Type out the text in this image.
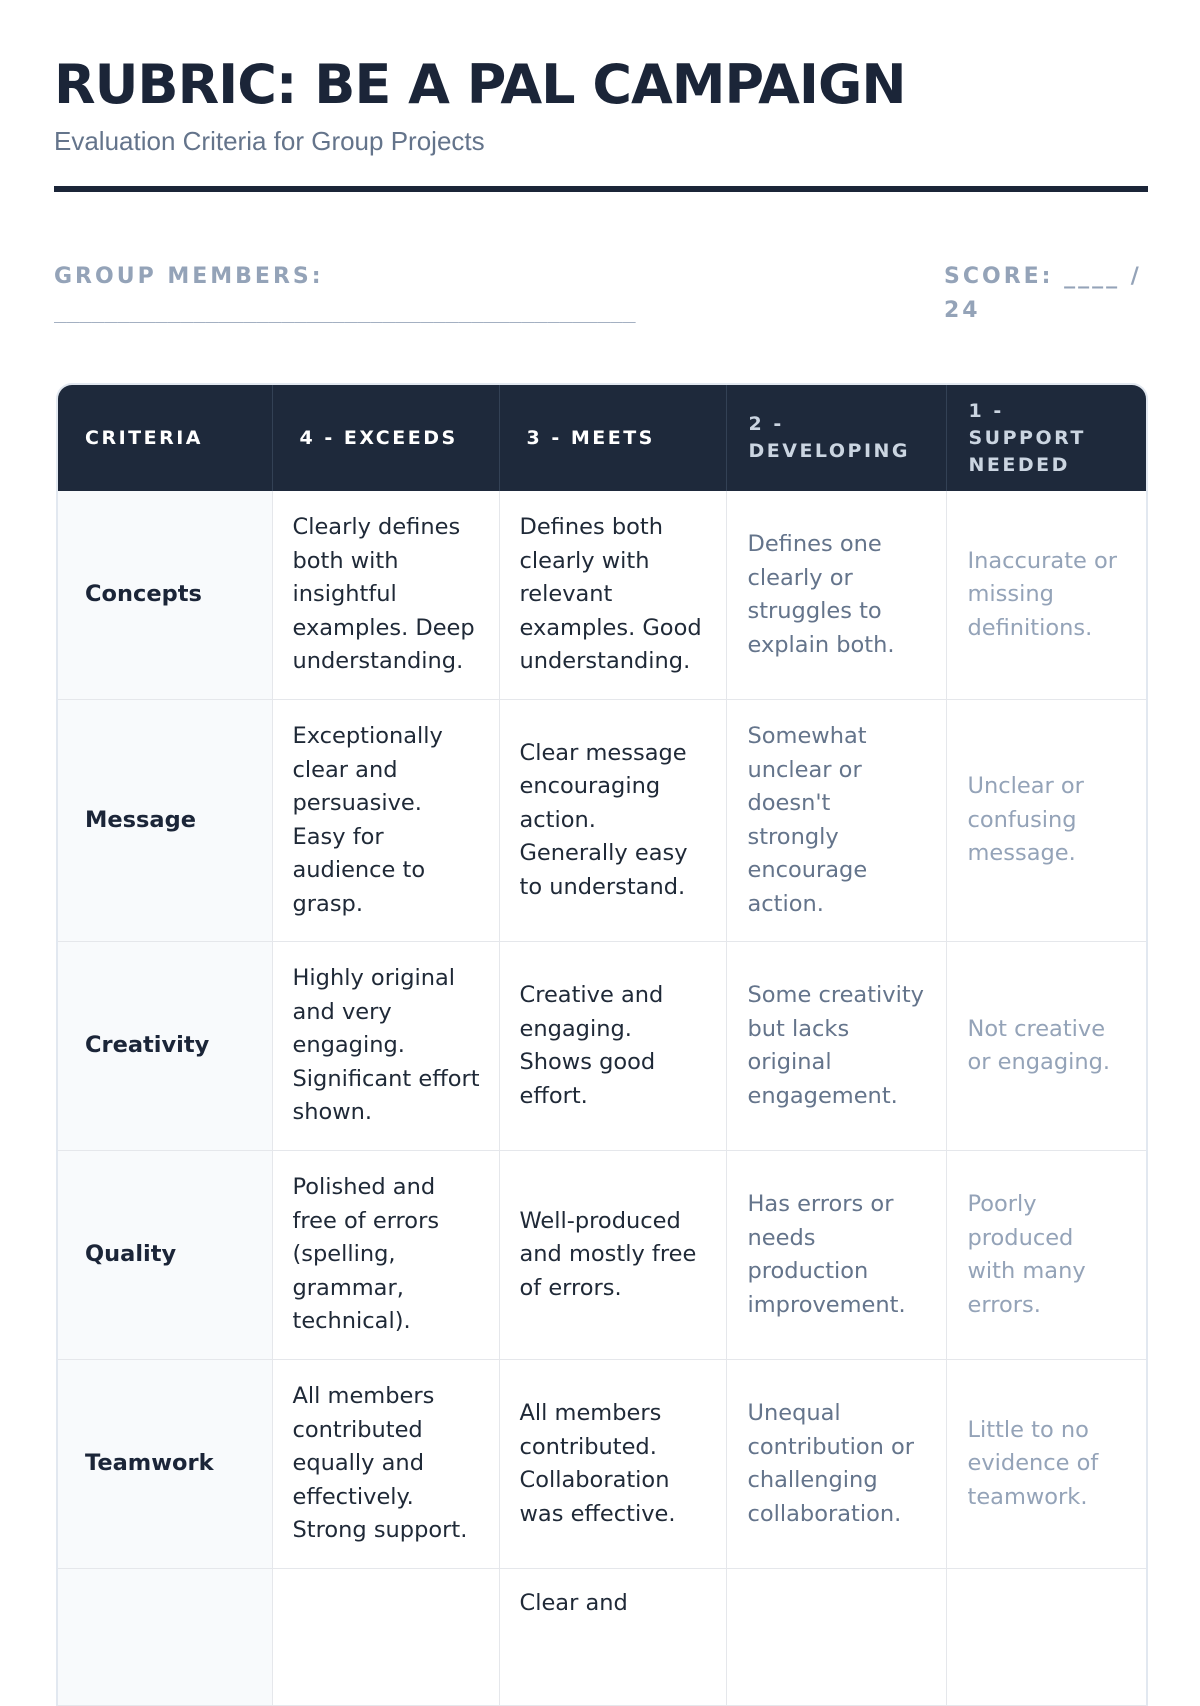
RUBRIC: BE A PAL CAMPAIGN
Evaluation Criteria for Group Projects
GROUP MEMBERS:
______________________________________________
SCORE: ____ / 24
CRITERIA	4 - EXCEEDS	3 - MEETS	2 - DEVELOPING	1 - SUPPORT NEEDED
Concepts	Clearly defines both with insightful examples. Deep understanding.	Defines both clearly with relevant examples. Good understanding.	Defines one clearly or struggles to explain both.	Inaccurate or missing definitions.
Message	Exceptionally clear and persuasive. Easy for audience to grasp.	Clear message encouraging action. Generally easy to understand.	Somewhat unclear or doesn't strongly encourage action.	Unclear or confusing message.
Creativity	Highly original and very engaging. Significant effort shown.	Creative and engaging. Shows good effort.	Some creativity but lacks original engagement.	Not creative or engaging.
Quality	Polished and free of errors (spelling, grammar, technical).	Well-produced and mostly free of errors.	Has errors or needs production improvement.	Poorly produced with many errors.
Teamwork	All members contributed equally and effectively. Strong support.	All members contributed. Collaboration was effective.	Unequal contribution or challenging collaboration.	Little to no evidence of teamwork.
		Clear and		
